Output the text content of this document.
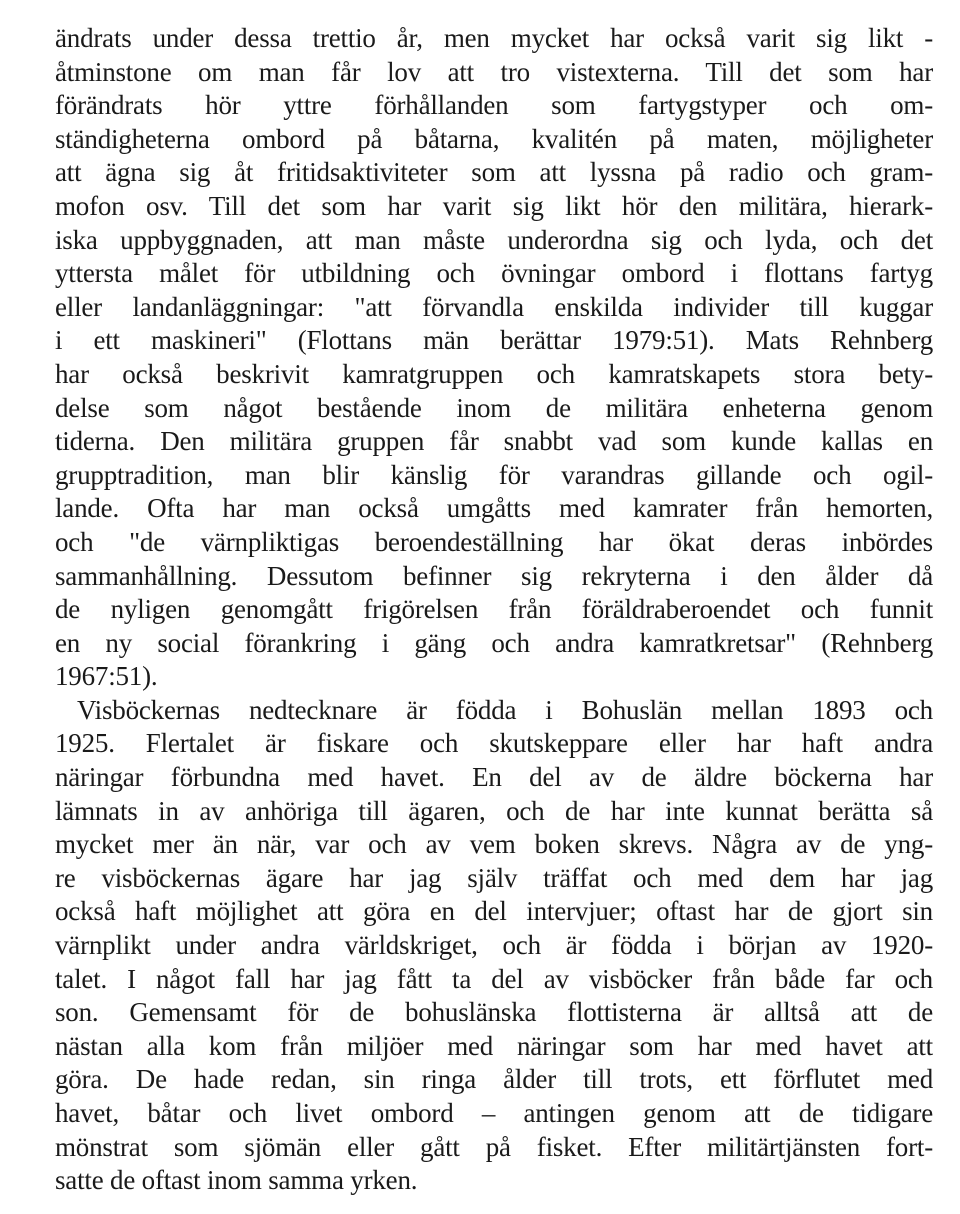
ändrats under dessa trettio år, men mycket har också varit sig likt -
åtminstone om man får lov att tro vistexterna. Till det som har
förändrats hör yttre förhållanden som fartygstyper och om-
ständigheterna ombord på båtarna, kvalitén på maten, möjligheter
att ägna sig åt fritidsaktiviteter som att lyssna på radio och gram-
mofon osv. Till det som har varit sig likt hör den militära, hierark-
iska uppbyggnaden, att man måste underordna sig och lyda, och det
yttersta målet för utbildning och övningar ombord i flottans fartyg
eller landanläggningar: "att förvandla enskilda individer till kuggar
i ett maskineri" (Flottans män berättar 1979:51). Mats Rehnberg
har också beskrivit kamratgruppen och kamratskapets stora bety-
delse som något bestående inom de militära enheterna genom
tiderna. Den militära gruppen får snabbt vad som kunde kallas en
grupptradition, man blir känslig för varandras gillande och ogil-
lande. Ofta har man också umgåtts med kamrater från hemorten,
och "de värnpliktigas beroendeställning har ökat deras inbördes
sammanhållning. Dessutom befinner sig rekryterna i den ålder då
de nyligen genomgått frigörelsen från föräldraberoendet och funnit
en ny social förankring i gäng och andra kamratkretsar" (Rehnberg
1967:51).
Visböckernas nedtecknare är födda i Bohuslän mellan 1893 och
1925. Flertalet är fiskare och skutskeppare eller har haft andra
näringar förbundna med havet. En del av de äldre böckerna har
lämnats in av anhöriga till ägaren, och de har inte kunnat berätta så
mycket mer än när, var och av vem boken skrevs. Några av de yng-
re visböckernas ägare har jag själv träffat och med dem har jag
också haft möjlighet att göra en del intervjuer; oftast har de gjort sin
värnplikt under andra världskriget, och är födda i början av 1920-
talet. I något fall har jag fått ta del av visböcker från både far och
son. Gemensamt för de bohuslänska flottisterna är alltså att de
nästan alla kom från miljöer med näringar som har med havet att
göra. De hade redan, sin ringa ålder till trots, ett förflutet med
havet, båtar och livet ombord – antingen genom att de tidigare
mönstrat som sjömän eller gått på fisket. Efter militärtjänsten fort-
satte de oftast inom samma yrken.
